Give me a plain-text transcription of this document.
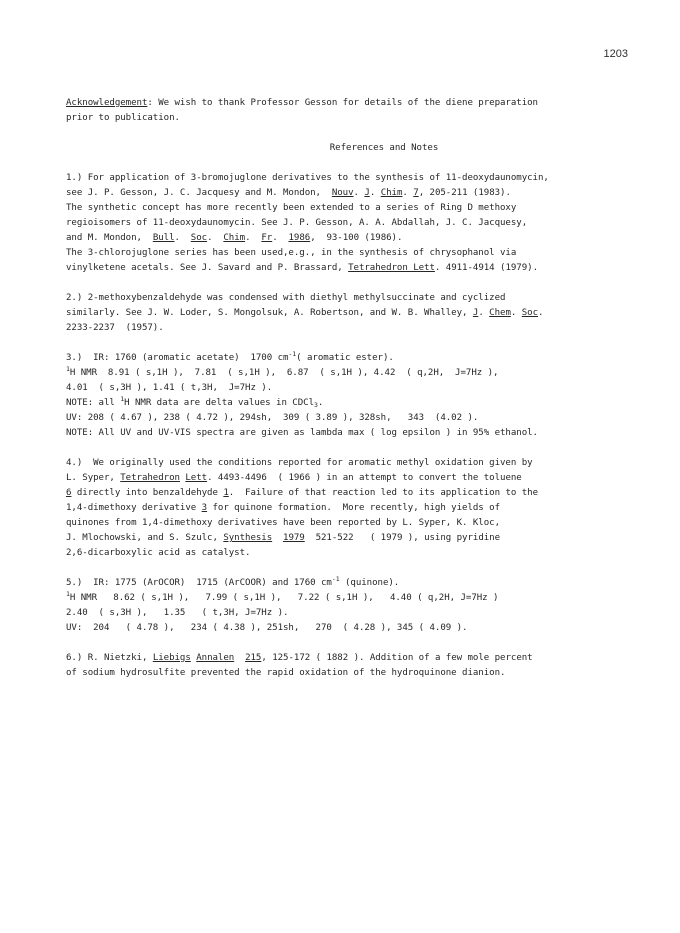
1203
Acknowledgement: We wish to thank Professor Gesson for details of the diene preparation
prior to publication.
References and Notes
1.) For application of 3-bromojuglone derivatives to the synthesis of 11-deoxydaunomycin,
see J. P. Gesson, J. C. Jacquesy and M. Mondon,  Nouv. J. Chim. 7, 205-211 (1983).
The synthetic concept has more recently been extended to a series of Ring D methoxy
regioisomers of 11-deoxydaunomycin. See J. P. Gesson, A. A. Abdallah, J. C. Jacquesy,
and M. Mondon,  Bull.  Soc.  Chim.  Fr.  1986,  93-100 (1986).
The 3-chlorojuglone series has been used,e.g., in the synthesis of chrysophanol via
vinylketene acetals. See J. Savard and P. Brassard, Tetrahedron Lett. 4911-4914 (1979).
2.) 2-methoxybenzaldehyde was condensed with diethyl methylsuccinate and cyclized
similarly. See J. W. Loder, S. Mongolsuk, A. Robertson, and W. B. Whalley, J. Chem. Soc.
2233-2237  (1957).
3.)  IR: 1760 (aromatic acetate)  1700 $cm^{-1}$( aromatic ester).
$^1$H NMR  8.91 ( s,1H ),  7.81  ( s,1H ),  6.87  ( s,1H ), 4.42  ( q,2H,  J=7Hz ),
4.01  ( s,3H ), 1.41 ( t,3H,  J=7Hz ).
NOTE: all $^1$H NMR data are delta values in CDCl$_3$.
UV: 208 ( 4.67 ), 238 ( 4.72 ), 294sh,  309 ( 3.89 ), 328sh,   343  (4.02 ).
NOTE: All UV and UV-VIS spectra are given as lambda max ( log epsilon ) in 95% ethanol.
4.)  We originally used the conditions reported for aromatic methyl oxidation given by
L. Syper, Tetrahedron Lett. 4493-4496  ( 1966 ) in an attempt to convert the toluene
6 directly into benzaldehyde 1.  Failure of that reaction led to its application to the
1,4-dimethoxy derivative 3 for quinone formation.  More recently, high yields of
quinones from 1,4-dimethoxy derivatives have been reported by L. Syper, K. Kloc,
J. Mlochowski, and S. Szulc, Synthesis 1979  521-522   ( 1979 ), using pyridine
2,6-dicarboxylic acid as catalyst.
5.)  IR: 1775 (ArOCOR)  1715 (ArCOOR) and 1760 $cm^{-1}$ (quinone).
$^1$H NMR   8.62 ( s,1H ),   7.99 ( s,1H ),   7.22 ( s,1H ),   4.40 ( q,2H, J=7Hz )
2.40  ( s,3H ),   1.35   ( t,3H, J=7Hz ).
UV:  204   ( 4.78 ),   234 ( 4.38 ), 251sh,   270  ( 4.28 ), 345 ( 4.09 ).
6.) R. Nietzki, Liebigs Annalen 215, 125-172 ( 1882 ). Addition of a few mole percent
of sodium hydrosulfite prevented the rapid oxidation of the hydroquinone dianion.
